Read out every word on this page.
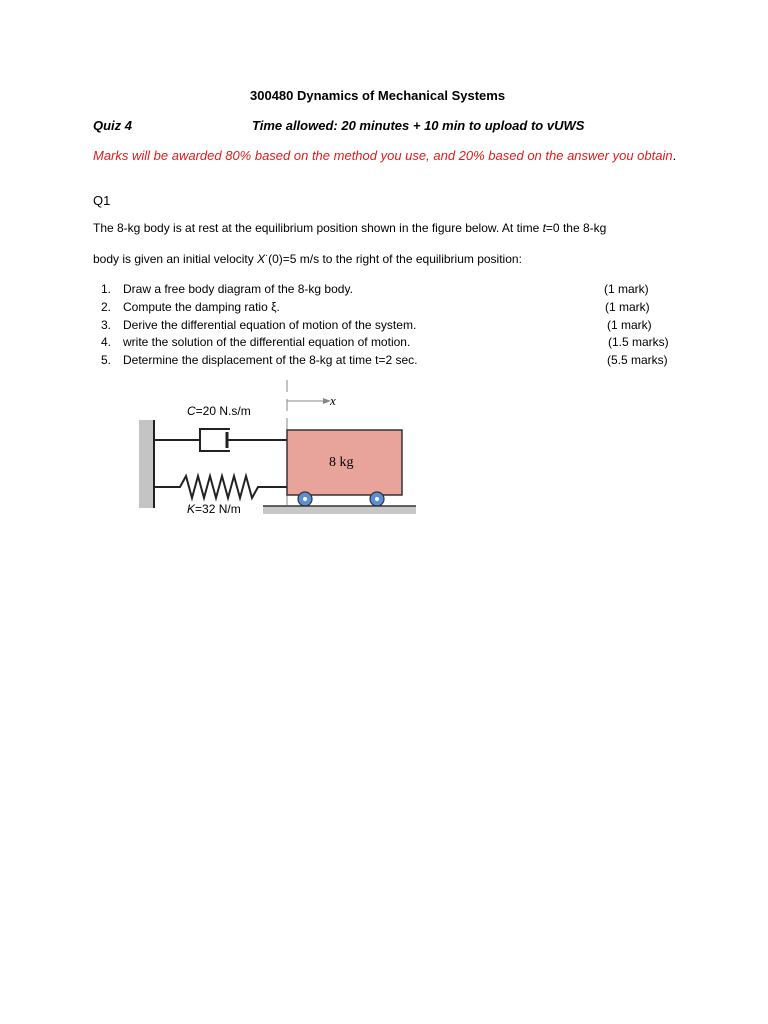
300480 Dynamics of Mechanical Systems
Quiz 4	Time allowed: 20 minutes + 10 min to upload to vUWS
Marks will be awarded 80% based on the method you use, and 20% based on the answer you obtain.
Q1
The 8-kg body is at rest at the equilibrium position shown in the figure below. At time t=0 the 8-kg
body is given an initial velocity X·(0)=5 m/s to the right of the equilibrium position:
1. Draw a free body diagram of the 8-kg body.	(1 mark)
2. Compute the damping ratio ξ.	(1 mark)
3. Derive the differential equation of motion of the system.	(1 mark)
4. write the solution of the differential equation of motion.	(1.5 marks)
5. Determine the displacement of the 8-kg at time t=2 sec.	(5.5 marks)
x
8 kg
C=20 N.s/m
K=32 N/m
